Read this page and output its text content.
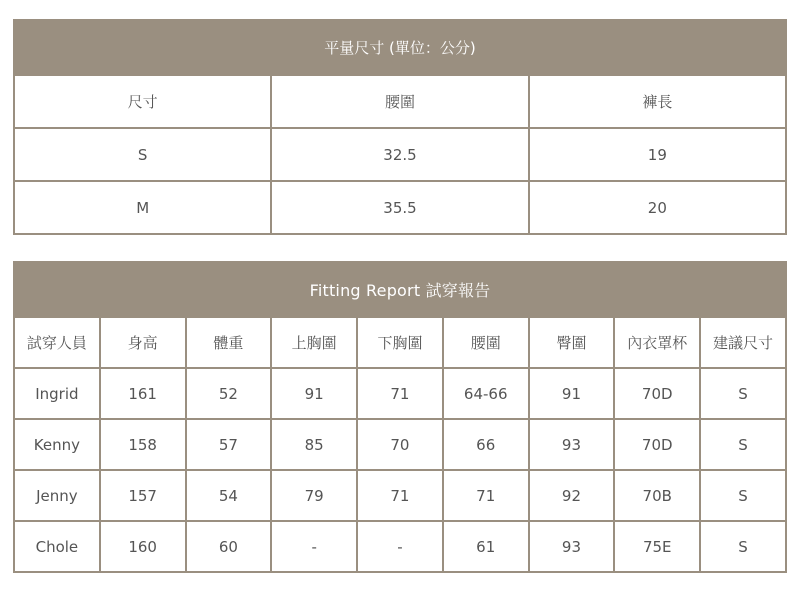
平量尺寸 (單位：公分)		
尺寸	腰圍	褲長
S	32.5	19
M	35.5	20
Fitting Report 試穿報告								
試穿人員	身高	體重	上胸圍	下胸圍	腰圍	臀圍	內衣罩杯	建議尺寸
Ingrid	161	52	91	71	64-66	91	70D	S
Kenny	158	57	85	70	66	93	70D	S
Jenny	157	54	79	71	71	92	70B	S
Chole	160	60	-	-	61	93	75E	S
